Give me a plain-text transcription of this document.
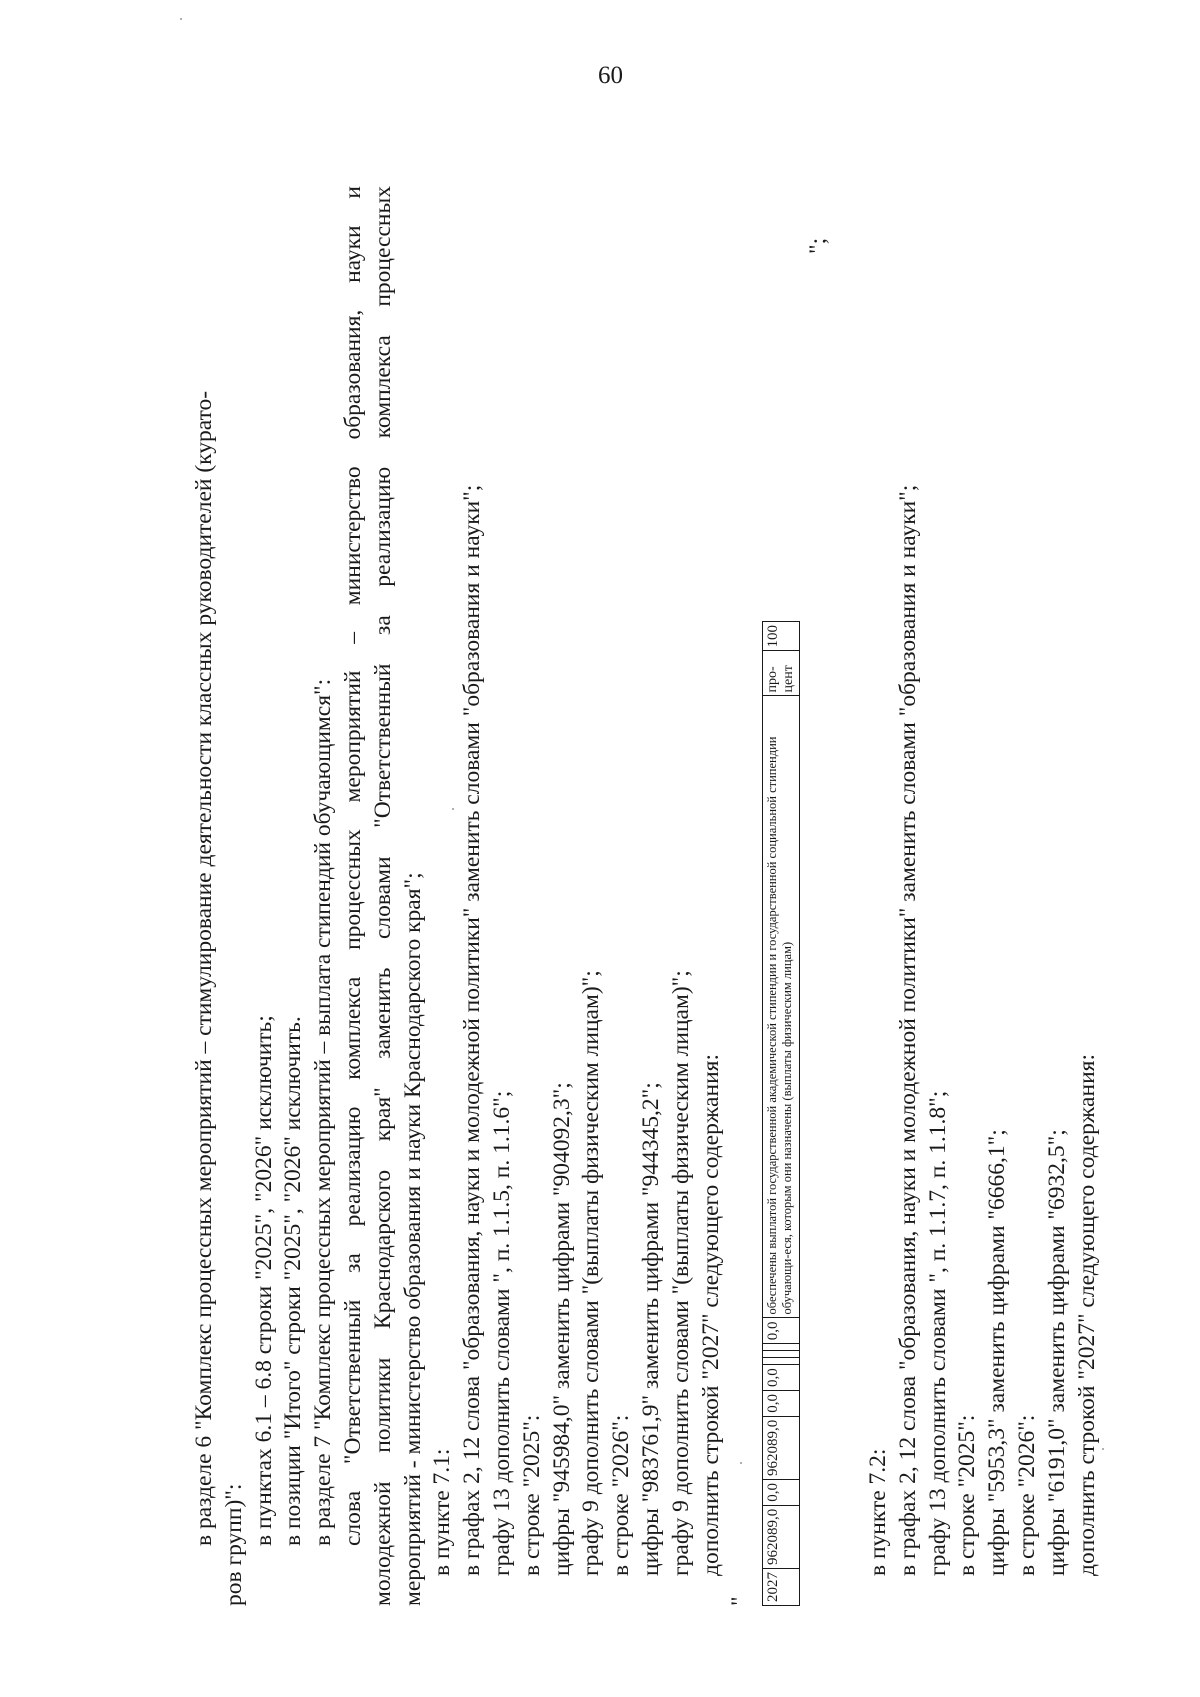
60
в разделе 6 "Комплекс процессных мероприятий – стимулирование деятельности классных руководителей (курато- ров групп)": в пунктах 6.1 – 6.8 строки "2025", "2026" исключить; в позиции "Итого" строки "2025", "2026" исключить. в разделе 7 "Комплекс процессных мероприятий – выплата стипендий обучающимся": слова "Ответственный за реализацию комплекса процессных мероприятий – министерство образования, науки и молодежной политики Краснодарского края" заменить словами "Ответственный за реализацию комплекса процессных мероприятий - министерство образования и науки Краснодарского края"; в пункте 7.1: в графах 2, 12 слова "образования, науки и молодежной политики" заменить словами "образования и науки"; графу 13 дополнить словами ", п. 1.1.5, п. 1.1.6"; в строке "2025": цифры "945984,0" заменить цифрами "904092,3"; графу 9 дополнить словами "(выплаты физическим лицам)"; в строке "2026": цифры "983761,9" заменить цифрами "944345,2"; графу 9 дополнить словами "(выплаты физическим лицам)"; дополнить строкой "2027" следующего содержания:
" 2027	962089,0	0,0	962089,0	0,0	0,0				0,0	обеспечены выплатой государственной академической стипендии и государственной социальной стипендии обучающи-еся, которым они назначены (выплаты физическим лицам)	про-цент	100
";
в пункте 7.2: в графах 2, 12 слова "образования, науки и молодежной политики" заменить словами "образования и науки"; графу 13 дополнить словами ", п. 1.1.7, п. 1.1.8"; в строке "2025": цифры "5953,3" заменить цифрами "6666,1"; в строке "2026": цифры "6191,0" заменить цифрами "6932,5"; дополнить строкой "2027" следующего содержания:
